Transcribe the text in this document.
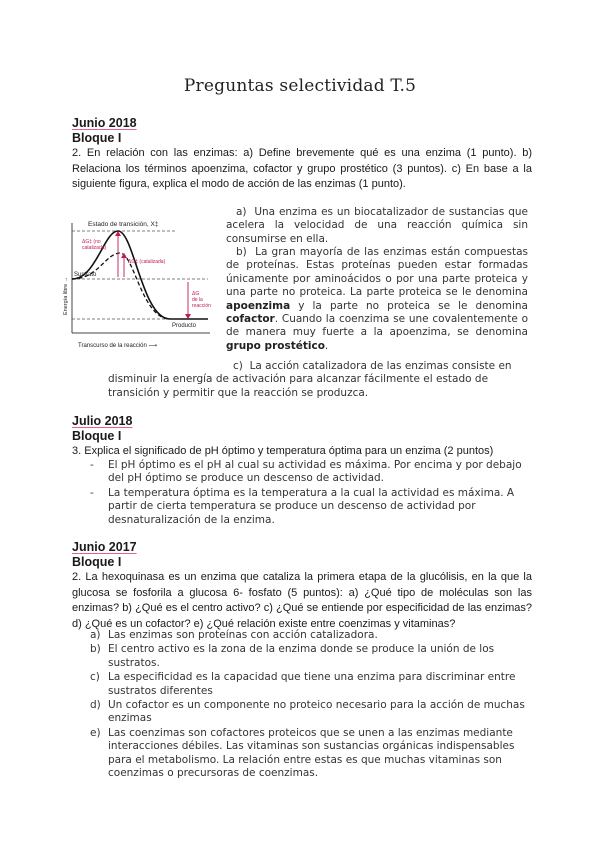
Preguntas selectividad T.5
Junio 2018
Bloque I
2. En relación con las enzimas: a) Define brevemente qué es una enzima (1 punto). b) Relaciona los términos apoenzima, cofactor y grupo prostético (3 puntos). c) En base a la siguiente figura, explica el modo de acción de las enzimas (1 punto).
Estado de transición, X‡
ΔG‡ (no
catalizada)
ΔG‡ (catalizada)
Sustrato
Producto
ΔG
de la
reacción
Energía libre →
Transcurso de la reacción ⟶
a) Una enzima es un biocatalizador de sustancias que acelera la velocidad de una reacción química sin consumirse en ella.
b) La gran mayoría de las enzimas están compuestas de proteínas. Estas proteínas pueden estar formadas únicamente por aminoácidos o por una parte proteica y una parte no proteica. La parte proteica se le denomina apoenzima y la parte no proteica se le denomina cofactor. Cuando la coenzima se une covalentemente o de manera muy fuerte a la apoenzima, se denomina grupo prostético.
c) La acción catalizadora de las enzimas consiste en
disminuir la energía de activación para alcanzar fácilmente el estado de transición y permitir que la reacción se produzca.
Julio 2018
Bloque I
3. Explica el significado de pH óptimo y temperatura óptima para un enzima (2 puntos)
- El pH óptimo es el pH al cual su actividad es máxima. Por encima y por debajo del pH óptimo se produce un descenso de actividad.
- La temperatura óptima es la temperatura a la cual la actividad es máxima. A partir de cierta temperatura se produce un descenso de actividad por desnaturalización de la enzima.
Junio 2017
Bloque I
2. La hexoquinasa es un enzima que cataliza la primera etapa de la glucólisis, en la que la glucosa se fosforila a glucosa 6- fosfato (5 puntos): a) ¿Qué tipo de moléculas son las enzimas? b) ¿Qué es el centro activo? c) ¿Qué se entiende por especificidad de las enzimas? d) ¿Qué es un cofactor? e) ¿Qué relación existe entre coenzimas y vitaminas?
a) Las enzimas son proteínas con acción catalizadora.
b) El centro activo es la zona de la enzima donde se produce la unión de los sustratos.
c) La especificidad es la capacidad que tiene una enzima para discriminar entre sustratos diferentes
d) Un cofactor es un componente no proteico necesario para la acción de muchas enzimas
e) Las coenzimas son cofactores proteicos que se unen a las enzimas mediante interacciones débiles. Las vitaminas son sustancias orgánicas indispensables para el metabolismo. La relación entre estas es que muchas vitaminas son coenzimas o precursoras de coenzimas.
